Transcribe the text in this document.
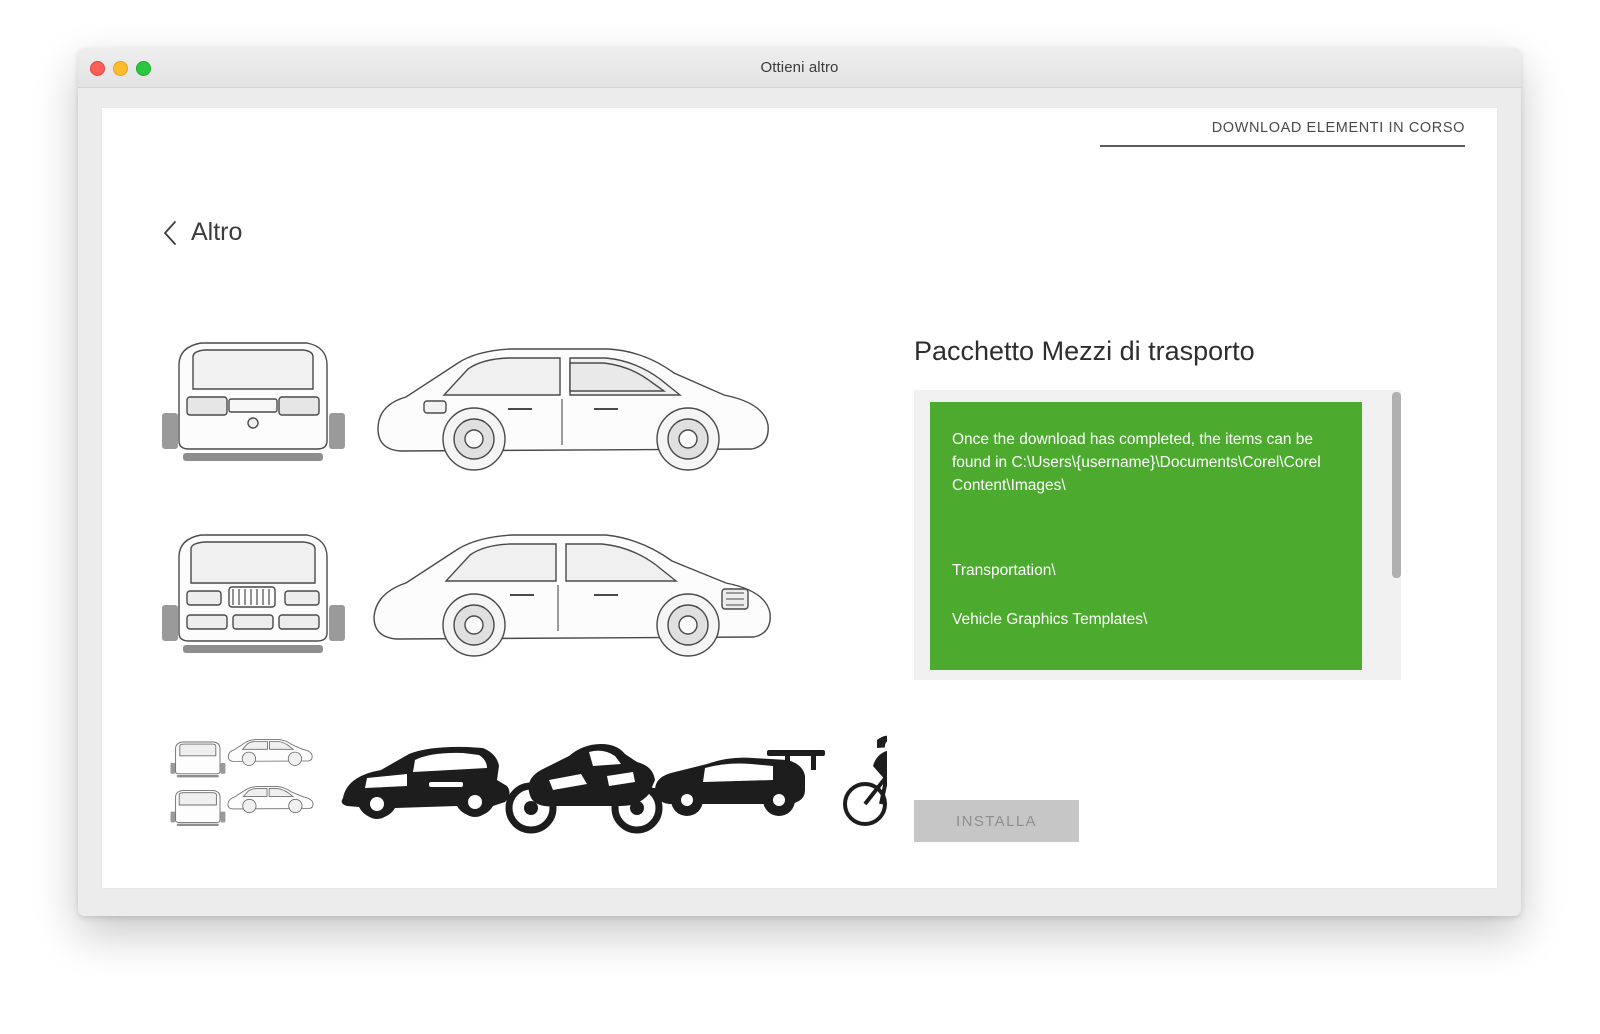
Ottieni altro
DOWNLOAD ELEMENTI IN CORSO
Altro
Pacchetto Mezzi di trasporto

Once the download has completed, the items can be found in C:\Users\{username}\Documents\Corel\Corel Content\Images\

Transportation\

Vehicle Graphics Templates\

INSTALLA
